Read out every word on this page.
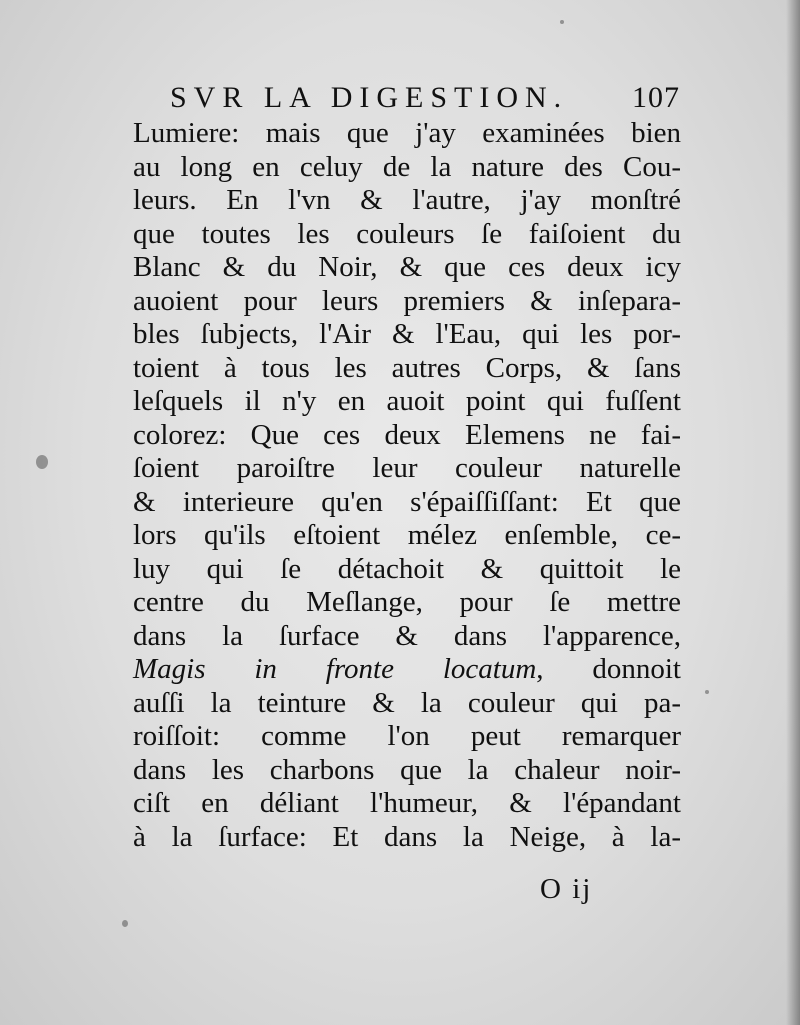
SVR LA DIGESTION. 107
Lumiere: mais que j'ay examinées bien
au long en celuy de la nature des Cou-
leurs. En l'vn & l'autre, j'ay monſtré
que toutes les couleurs ſe faiſoient du
Blanc & du Noir, & que ces deux icy
auoient pour leurs premiers & inſepara-
bles ſubjects, l'Air & l'Eau, qui les por-
toient à tous les autres Corps, & ſans
leſquels il n'y en auoit point qui fuſſent
colorez: Que ces deux Elemens ne fai-
ſoient paroiſtre leur couleur naturelle
& interieure qu'en s'épaiſſiſſant: Et que
lors qu'ils eſtoient mélez enſemble, ce-
luy qui ſe détachoit & quittoit le
centre du Meſlange, pour ſe mettre
dans la ſurface & dans l'apparence,
Magis in fronte locatum, donnoit
auſſi la teinture & la couleur qui pa-
roiſſoit: comme l'on peut remarquer
dans les charbons que la chaleur noir-
ciſt en déliant l'humeur, & l'épandant
à la ſurface: Et dans la Neige, à la-
O ij
